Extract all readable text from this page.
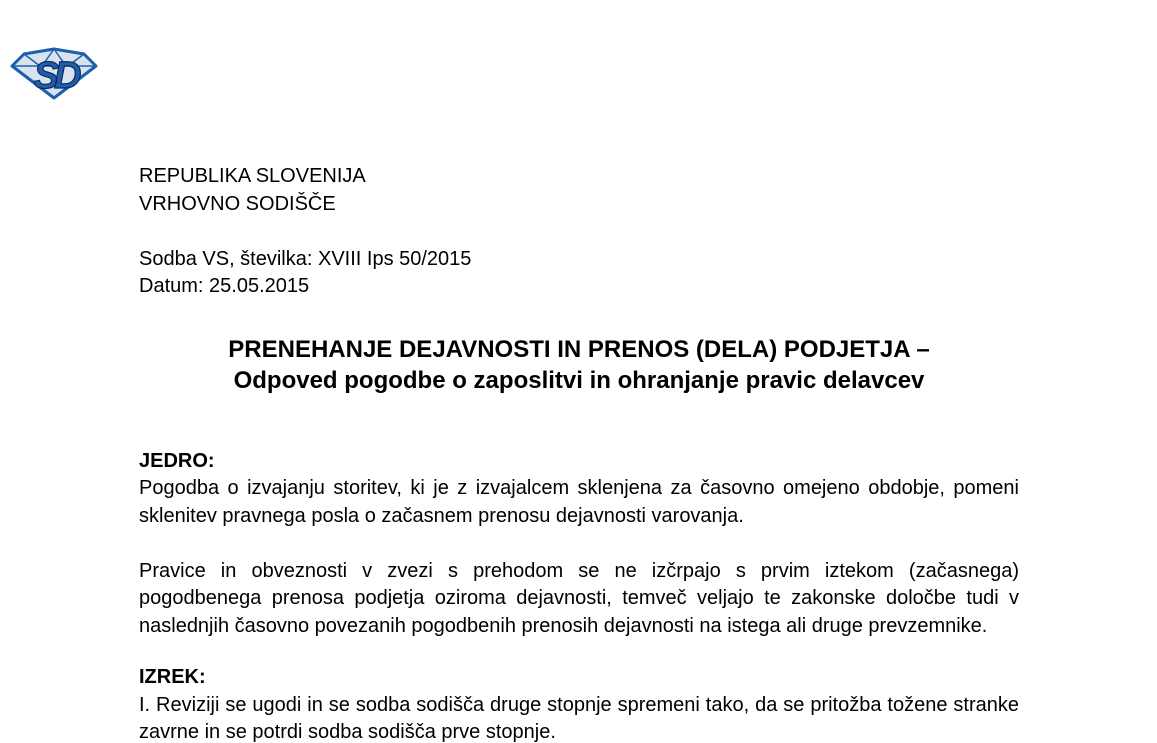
SD
REPUBLIKA SLOVENIJA
VRHOVNO SODIŠČE
Sodba VS, številka: XVIII Ips 50/2015
Datum: 25.05.2015
PRENEHANJE DEJAVNOSTI IN PRENOS (DELA) PODJETJA –
Odpoved pogodbe o zaposlitvi in ohranjanje pravic delavcev
JEDRO:

Pogodba o izvajanju storitev, ki je z izvajalcem sklenjena za časovno omejeno obdobje, pomeni sklenitev pravnega posla o začasnem prenosu dejavnosti varovanja.

Pravice in obveznosti v zvezi s prehodom se ne izčrpajo s prvim iztekom (začasnega) pogodbenega prenosa podjetja oziroma dejavnosti, temveč veljajo te zakonske določbe tudi v naslednjih časovno povezanih pogodbenih prenosih dejavnosti na istega ali druge prevzemnike.

IZREK:

I. Reviziji se ugodi in se sodba sodišča druge stopnje spremeni tako, da se pritožba tožene stranke zavrne in se potrdi sodba sodišča prve stopnje.
